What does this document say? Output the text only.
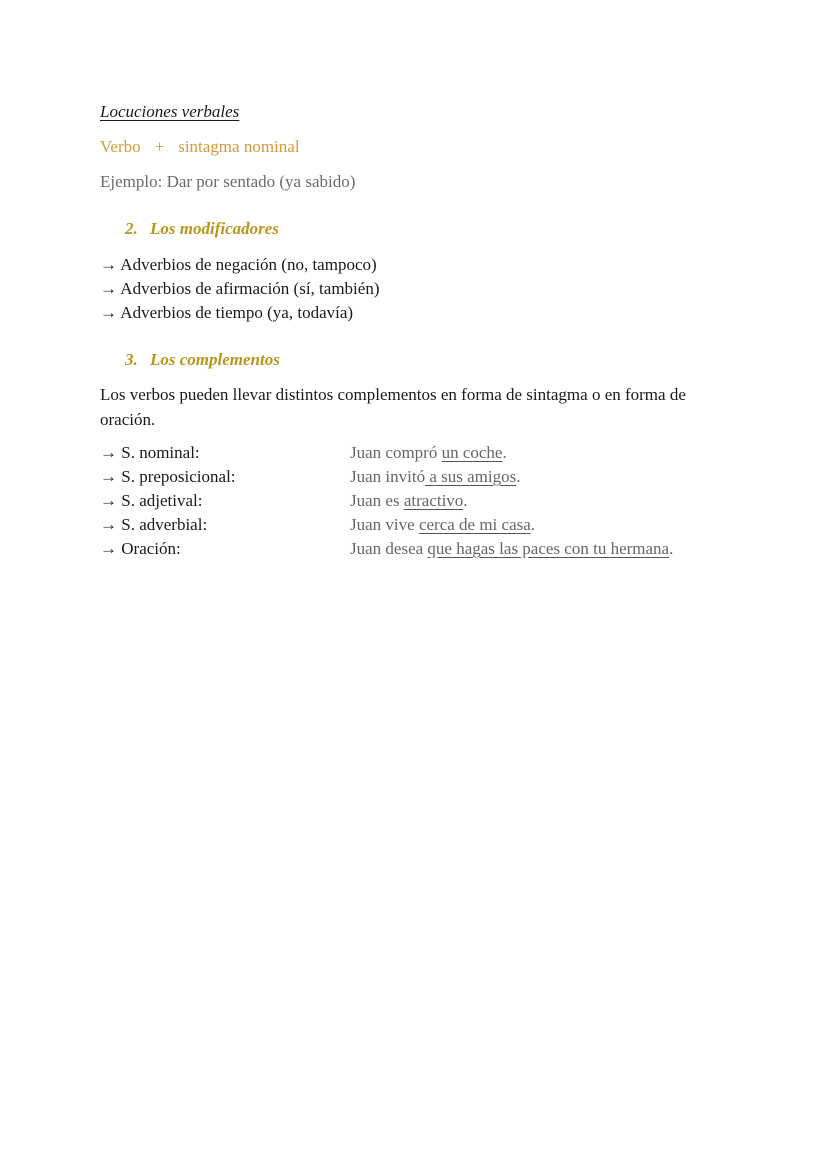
Locuciones verbales
Verbo + sintagma nominal
Ejemplo: Dar por sentado (ya sabido)
2. Los modificadores
→ Adverbios de negación (no, tampoco)
→ Adverbios de afirmación (sí, también)
→ Adverbios de tiempo (ya, todavía)
3. Los complementos
Los verbos pueden llevar distintos complementos en forma de sintagma o en forma de oración.
→ S. nominal:	Juan compró un coche.
→ S. preposicional:	Juan invitó a sus amigos.
→ S. adjetival:	Juan es atractivo.
→ S. adverbial:	Juan vive cerca de mi casa.
→ Oración:	Juan desea que hagas las paces con tu hermana.
